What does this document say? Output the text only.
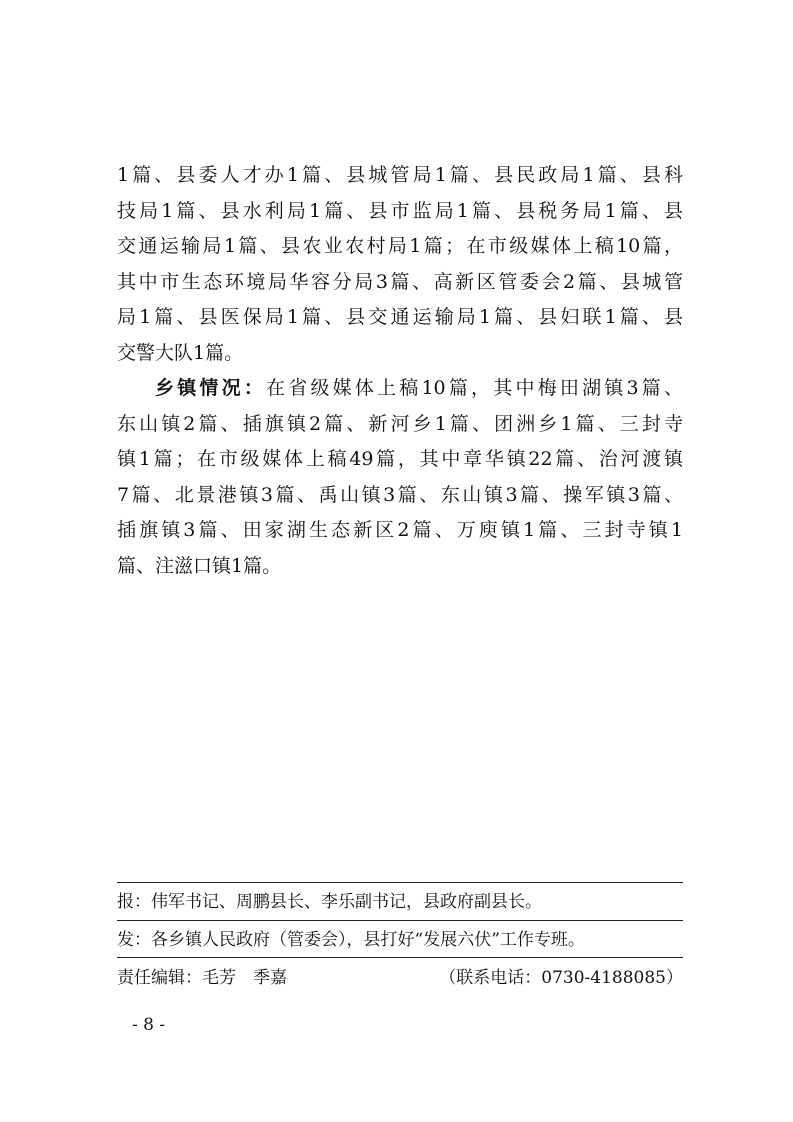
1篇、县委人才办1篇、县城管局1篇、县民政局1篇、县科
技局1篇、县水利局1篇、县市监局1篇、县税务局1篇、县
交通运输局1篇、县农业农村局1篇；在市级媒体上稿10篇，
其中市生态环境局华容分局3篇、高新区管委会2篇、县城管
局1篇、县医保局1篇、县交通运输局1篇、县妇联1篇、县
交警大队1篇。
乡镇情况：在省级媒体上稿10篇，其中梅田湖镇3篇、
东山镇2篇、插旗镇2篇、新河乡1篇、团洲乡1篇、三封寺
镇1篇；在市级媒体上稿49篇，其中章华镇22篇、治河渡镇
7篇、北景港镇3篇、禹山镇3篇、东山镇3篇、操军镇3篇、
插旗镇3篇、田家湖生态新区2篇、万庾镇1篇、三封寺镇1
篇、注滋口镇1篇。
报：伟军书记、周鹏县长、李乐副书记，县政府副县长。
发：各乡镇人民政府（管委会），县打好“发展六伏”工作专班。
责任编辑：毛芳　季嘉	（联系电话：0730-4188085）
- 8 -
